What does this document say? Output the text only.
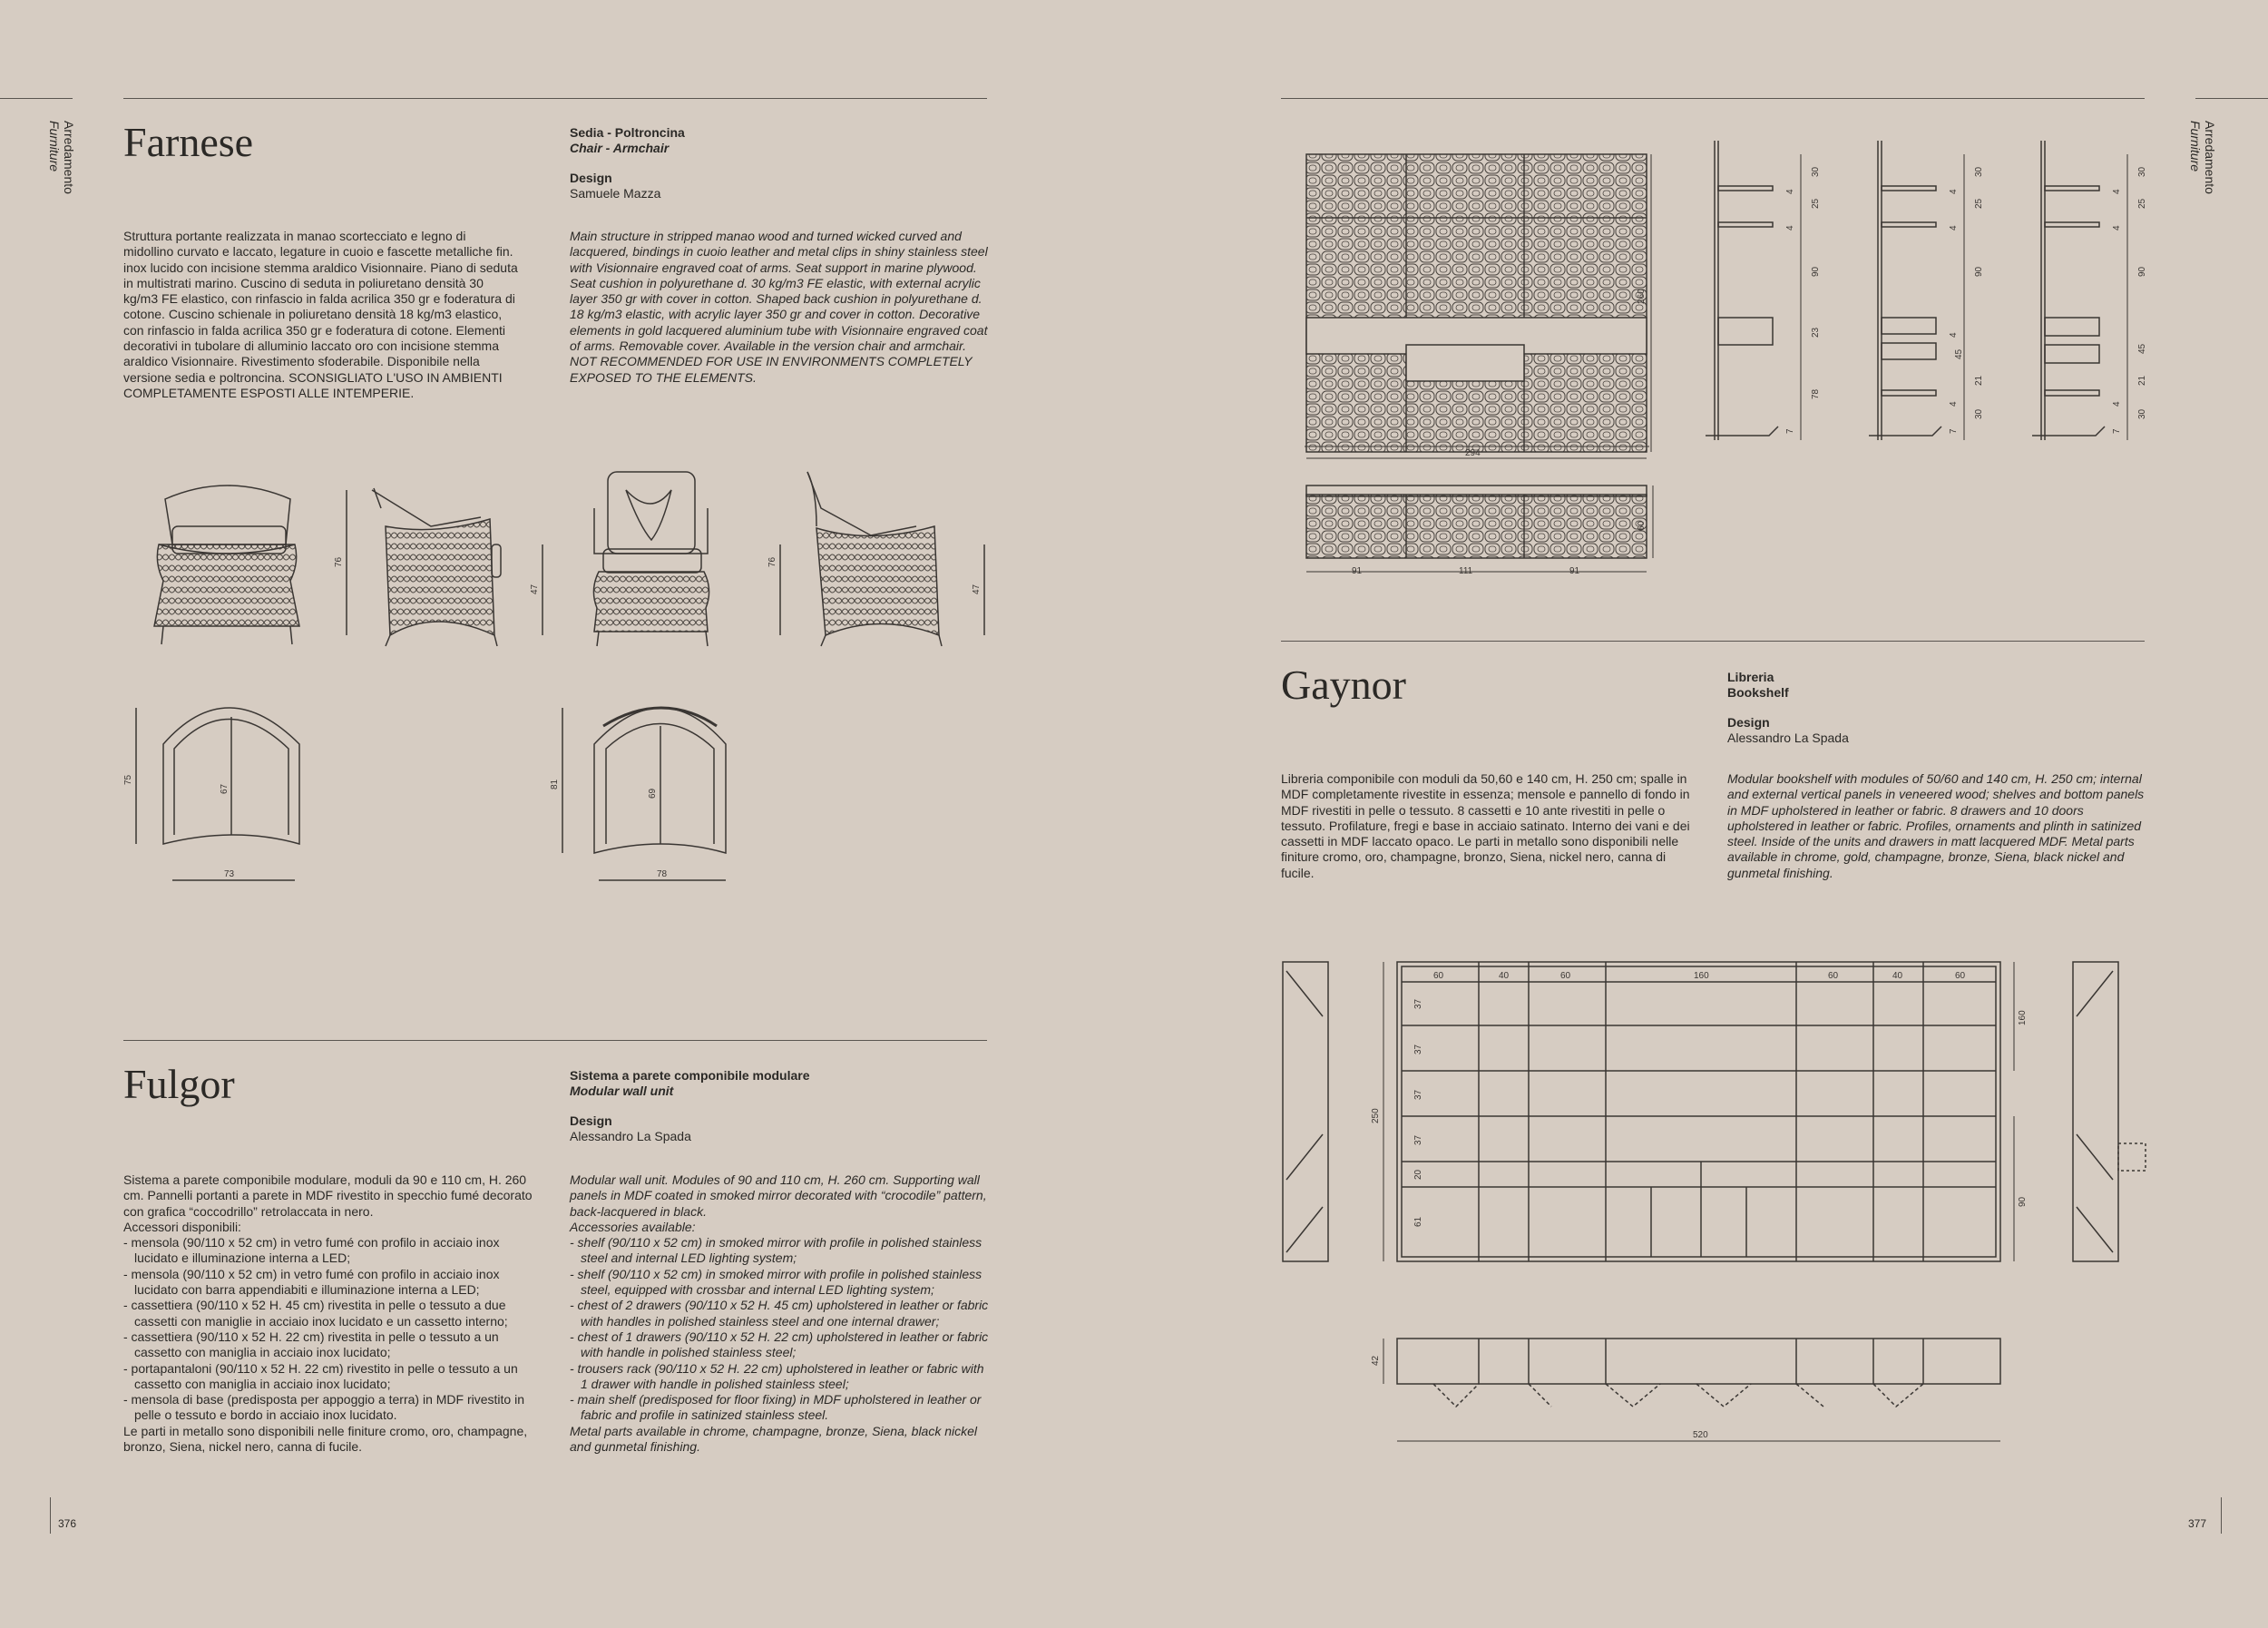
Arredamento
Furniture	Farnese	Sedia - Poltroncina
Chair - Armchair
Design
Samuele Mazza
Struttura portante realizzata in manao scortecciato e legno di midollino curvato e laccato, legature in cuoio e fascette metalliche fin. inox lucido con incisione stemma araldico Visionnaire. Piano di seduta in multistrati marino. Cuscino di seduta in poliuretano densità 30 kg/m3 FE elastico, con rinfascio in falda acrilica 350 gr e foderatura di cotone. Cuscino schienale in poliuretano densità 18 kg/m3 elastico, con rinfascio in falda acrilica 350 gr e foderatura di cotone. Elementi decorativi in tubolare di alluminio laccato oro con incisione stemma araldico Visionnaire. Rivestimento sfoderabile. Disponibile nella versione sedia e poltroncina. SCONSIGLIATO L'USO IN AMBIENTI COMPLETAMENTE ESPOSTI ALLE INTEMPERIE.
Main structure in stripped manao wood and turned wicked curved and lacquered, bindings in cuoio leather and metal clips in shiny stainless steel with Visionnaire engraved coat of arms. Seat support in marine plywood. Seat cushion in polyurethane d. 30 kg/m3 FE elastic, with external acrylic layer 350 gr with cover in cotton. Shaped back cushion in polyurethane d. 18 kg/m3 elastic, with acrylic layer 350 gr and cover in cotton. Decorative elements in gold lacquered aluminium tube with Visionnaire engraved coat of arms. Removable cover. Available in the version chair and armchair. NOT RECOMMENDED FOR USE IN ENVIRONMENTS COMPLETELY EXPOSED TO THE ELEMENTS.
76
47
76
47
75
67
73
81
69
78
Fulgor	Sistema a parete componibile modulare
Modular wall unit
Design
Alessandro La Spada
Sistema a parete componibile modulare, moduli da 90 e 110 cm, H. 260 cm. Pannelli portanti a parete in MDF rivestito in specchio fumé decorato con grafica “coccodrillo” retrolaccata in nero.
Accessori disponibili:
- mensola (90/110 x 52 cm) in vetro fumé con profilo in acciaio inox lucidato e illuminazione interna a LED;
- mensola (90/110 x 52 cm) in vetro fumé con profilo in acciaio inox lucidato con barra appendiabiti e illuminazione interna a LED;
- cassettiera (90/110 x 52 H. 45 cm) rivestita in pelle o tessuto a due cassetti con maniglie in acciaio inox lucidato e un cassetto interno;
- cassettiera (90/110 x 52 H. 22 cm) rivestita in pelle o tessuto a un cassetto con maniglia in acciaio inox lucidato;
- portapantaloni (90/110 x 52 H. 22 cm) rivestito in pelle o tessuto a un cassetto con maniglia in acciaio inox lucidato;
- mensola di base (predisposta per appoggio a terra) in MDF rivestito in pelle o tessuto e bordo in acciaio inox lucidato.
Le parti in metallo sono disponibili nelle finiture cromo, oro, champagne, bronzo, Siena, nickel nero, canna di fucile.
Modular wall unit. Modules of 90 and 110 cm, H. 260 cm. Supporting wall panels in MDF coated in smoked mirror decorated with “crocodile” pattern, back-lacquered in black.
Accessories available:
- shelf (90/110 x 52 cm) in smoked mirror with profile in polished stainless steel and internal LED lighting system;
- shelf (90/110 x 52 cm) in smoked mirror with profile in polished stainless steel, equipped with crossbar and internal LED lighting system;
- chest of 2 drawers (90/110 x 52 H. 45 cm) upholstered in leather or fabric with handles in polished stainless steel and one internal drawer;
- chest of 1 drawers (90/110 x 52 H. 22 cm) upholstered in leather or fabric with handle in polished stainless steel;
- trousers rack (90/110 x 52 H. 22 cm) upholstered in leather or fabric with 1 drawer with handle in polished stainless steel;
- main shelf (predisposed for floor fixing) in MDF upholstered in leather or fabric and profile in satinized stainless steel.
Metal parts available in chrome, champagne, bronze, Siena, black nickel and gunmetal finishing.
376
Arredamento
Furniture
260
294
60
91	111	91
30
25
4
4
90
23
78
7
30
25
4
4
90
4
45
21
30
4
7
30
25
4
4
90
45
21
30
4
7
Gaynor	Libreria
Bookshelf
Design
Alessandro La Spada
Libreria componibile con moduli da 50,60 e 140 cm, H. 250 cm; spalle in MDF completamente rivestite in essenza; mensole e pannello di fondo in MDF rivestiti in pelle o tessuto. 8 cassetti e 10 ante rivestiti in pelle o tessuto. Profilature, fregi e base in acciaio satinato. Interno dei vani e dei cassetti in MDF laccato opaco. Le parti in metallo sono disponibili nelle finiture cromo, oro, champagne, bronzo, Siena, nickel nero, canna di fucile.
Modular bookshelf with modules of 50/60 and 140 cm, H. 250 cm; internal and external vertical panels in veneered wood; shelves and bottom panels in MDF upholstered in leather or fabric. 8 drawers and 10 doors upholstered in leather or fabric. Profiles, ornaments and plinth in satinized steel. Inside of the units and drawers in matt lacquered MDF. Metal parts available in chrome, gold, champagne, bronze, Siena, black nickel and gunmetal finishing.
60	40	60	160	60	40	60
37
37
37
37
20
61
250
160
90
42
520
377
